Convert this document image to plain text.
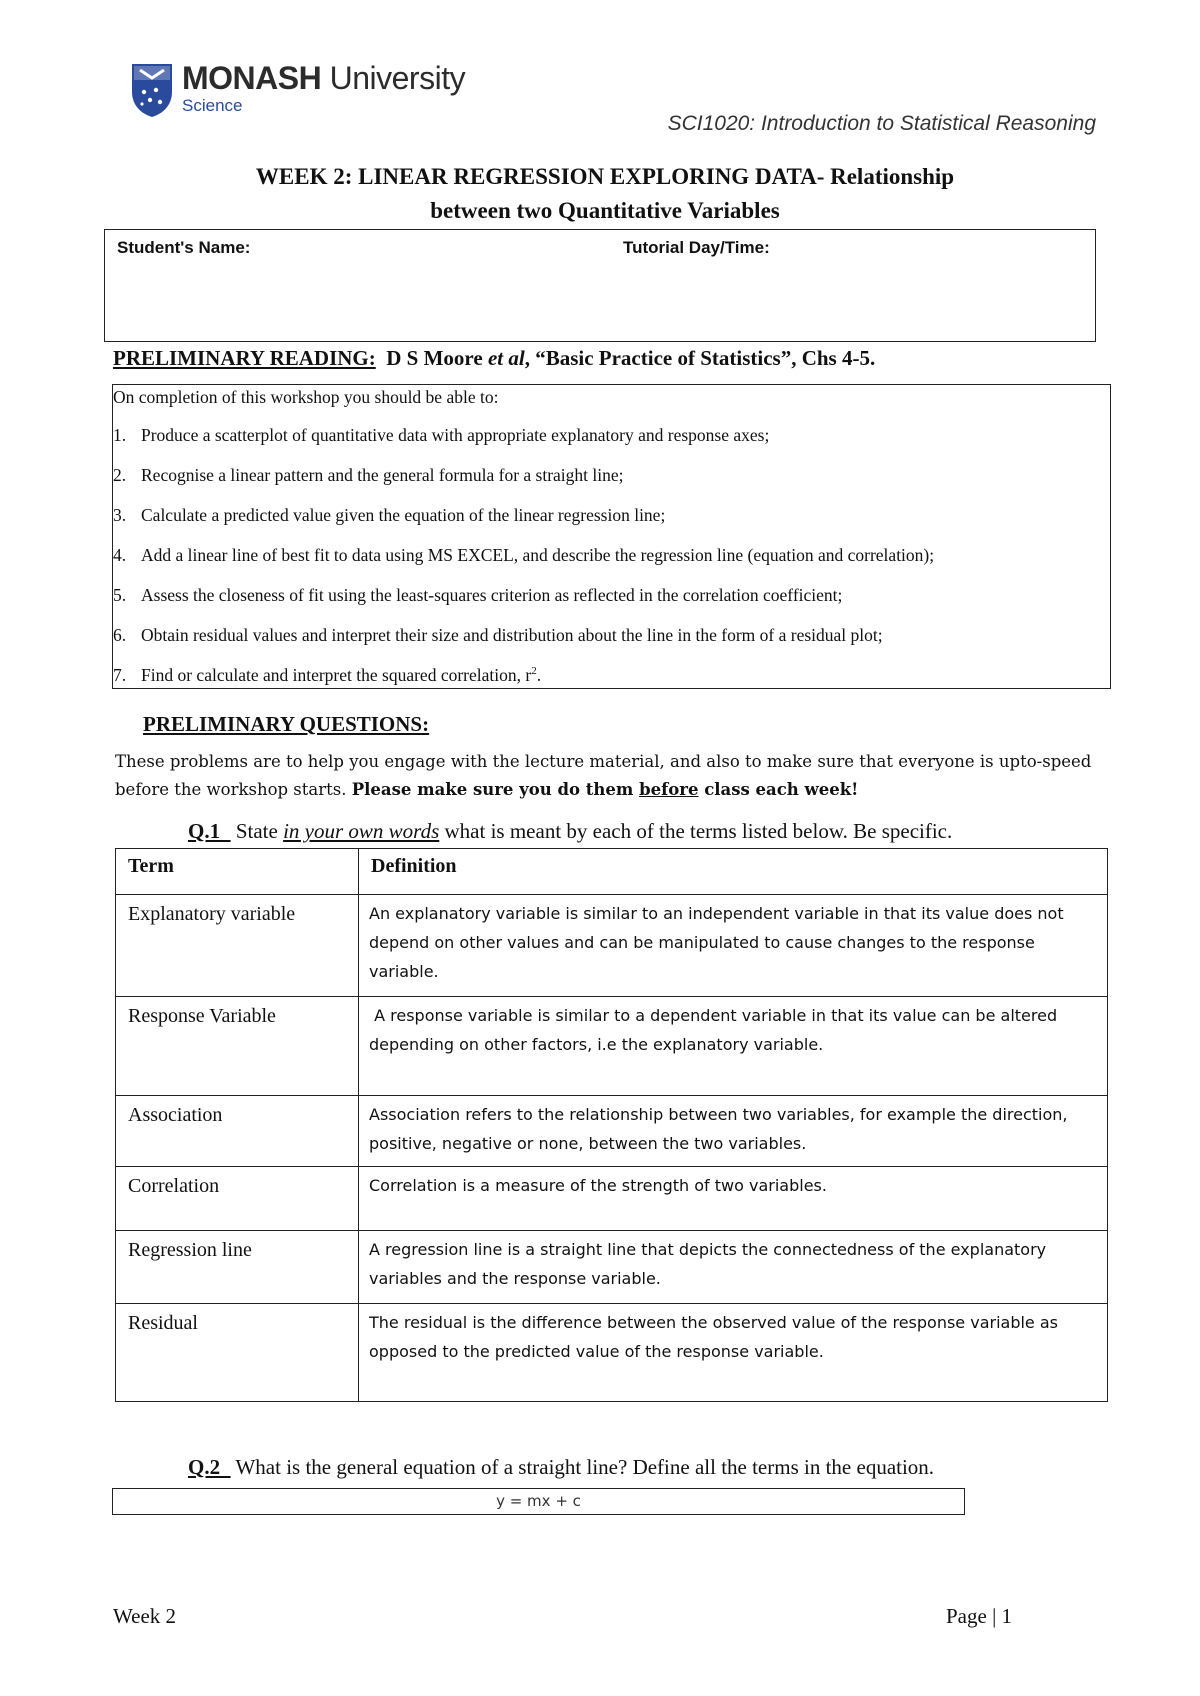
MONASH University
Science
SCI1020: Introduction to Statistical Reasoning
WEEK 2: LINEAR REGRESSION EXPLORING DATA- Relationship
between two Quantitative Variables
Student's Name:	Tutorial Day/Time:
PRELIMINARY READING:  D S Moore et al, “Basic Practice of Statistics”, Chs 4-5.
On completion of this workshop you should be able to:
1. Produce a scatterplot of quantitative data with appropriate explanatory and response axes;
2. Recognise a linear pattern and the general formula for a straight line;
3. Calculate a predicted value given the equation of the linear regression line;
4. Add a linear line of best fit to data using MS EXCEL, and describe the regression line (equation and correlation);
5. Assess the closeness of fit using the least-squares criterion as reflected in the correlation coefficient;
6. Obtain residual values and interpret their size and distribution about the line in the form of a residual plot;
7. Find or calculate and interpret the squared correlation, $r^2$.
PRELIMINARY QUESTIONS:
These problems are to help you engage with the lecture material, and also to make sure that everyone is upto-speed before the workshop starts. Please make sure you do them before class each week!
Q.1   State in your own words what is meant by each of the terms listed below. Be specific.
Term	Definition
Explanatory variable	An explanatory variable is similar to an independent variable in that its value does not depend on other values and can be manipulated to cause changes to the response variable.
Response Variable	A response variable is similar to a dependent variable in that its value can be altered depending on other factors, i.e the explanatory variable.
Association	Association refers to the relationship between two variables, for example the direction, positive, negative or none, between the two variables.
Correlation	Correlation is a measure of the strength of two variables.
Regression line	A regression line is a straight line that depicts the connectedness of the explanatory variables and the response variable.
Residual	The residual is the difference between the observed value of the response variable as opposed to the predicted value of the response variable.
Q.2   What is the general equation of a straight line? Define all the terms in the equation.
y = mx + c
Week 2	Page | 1
